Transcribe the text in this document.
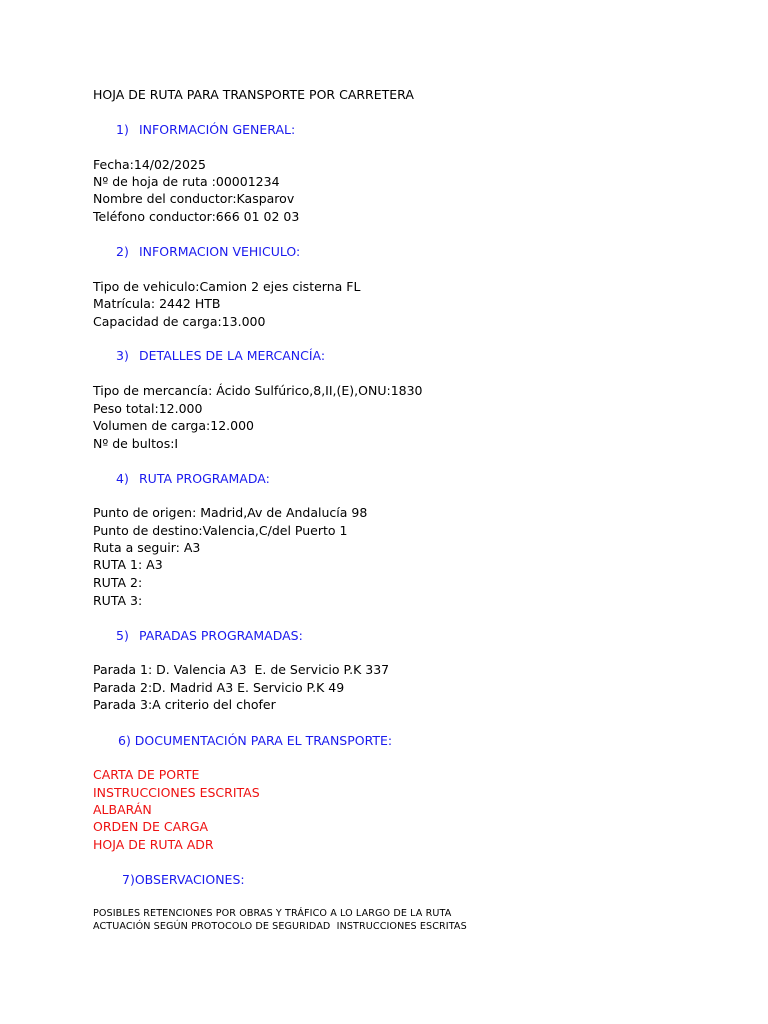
HOJA DE RUTA PARA TRANSPORTE POR CARRETERA
1) INFORMACIÓN GENERAL:
Fecha:14/02/2025
Nº de hoja de ruta :00001234
Nombre del conductor:Kasparov
Teléfono conductor:666 01 02 03
2) INFORMACION VEHICULO:
Tipo de vehiculo:Camion 2 ejes cisterna FL
Matrícula: 2442 HTB
Capacidad de carga:13.000
3) DETALLES DE LA MERCANCÍA:
Tipo de mercancía: Ácido Sulfúrico,8,II,(E),ONU:1830
Peso total:12.000
Volumen de carga:12.000
Nº de bultos:I
4) RUTA PROGRAMADA:
Punto de origen: Madrid,Av de Andalucía 98
Punto de destino:Valencia,C/del Puerto 1
Ruta a seguir: A3
RUTA 1: A3
RUTA 2:
RUTA 3:
5) PARADAS PROGRAMADAS:
Parada 1: D. Valencia A3  E. de Servicio P.K 337
Parada 2:D. Madrid A3 E. Servicio P.K 49
Parada 3:A criterio del chofer
6) DOCUMENTACIÓN PARA EL TRANSPORTE:
CARTA DE PORTE
INSTRUCCIONES ESCRITAS
ALBARÁN
ORDEN DE CARGA
HOJA DE RUTA ADR
7)OBSERVACIONES:
POSIBLES RETENCIONES POR OBRAS Y TRÁFICO A LO LARGO DE LA RUTA
ACTUACIÓN SEGÚN PROTOCOLO DE SEGURIDAD  INSTRUCCIONES ESCRITAS
